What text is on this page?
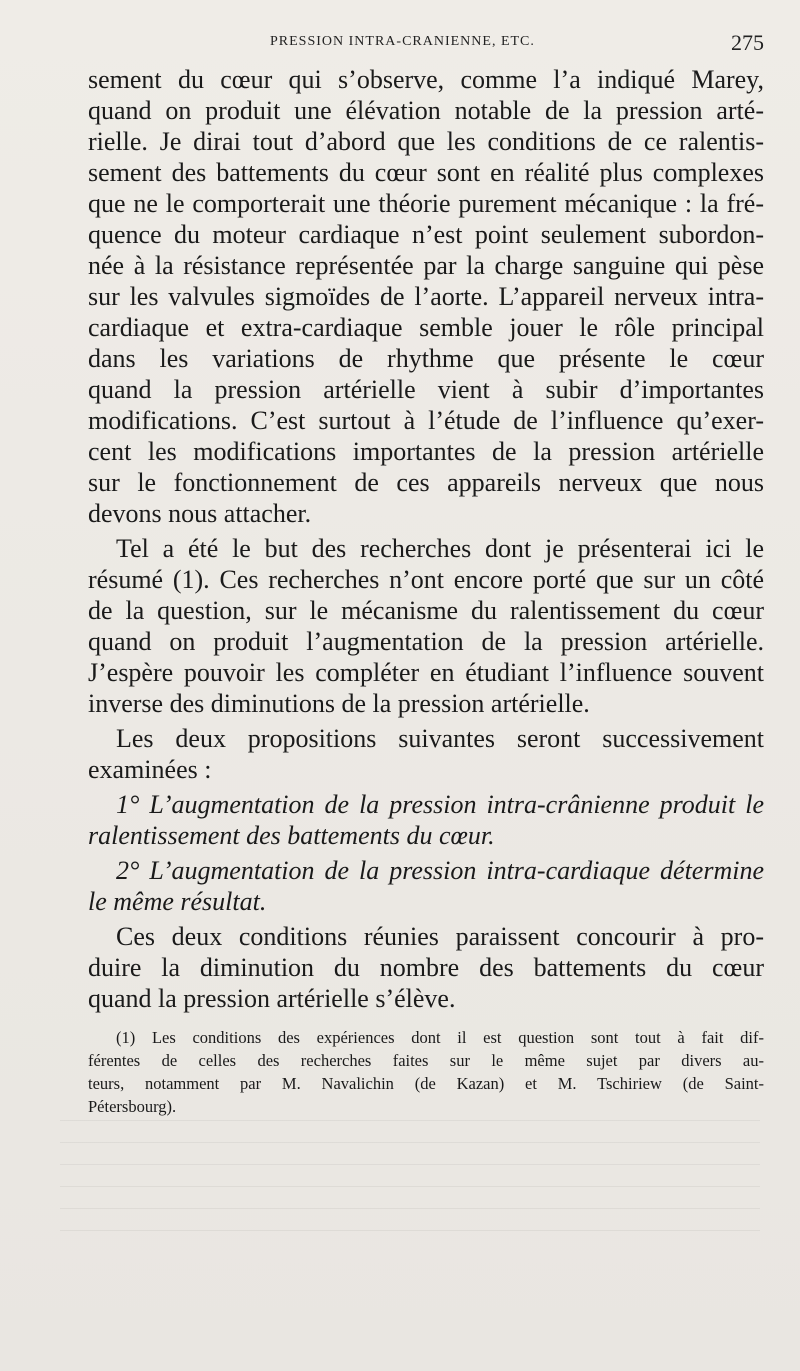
PRESSION INTRA-CRANIENNE, ETC.	275
sement du cœur qui s’observe, comme l’a indiqué Marey,
quand on produit une élévation notable de la pression arté-
rielle. Je dirai tout d’abord que les conditions de ce ralentis-
sement des battements du cœur sont en réalité plus complexes
que ne le comporterait une théorie purement mécanique : la fré-
quence du moteur cardiaque n’est point seulement subordon-
née à la résistance représentée par la charge sanguine qui pèse
sur les valvules sigmoïdes de l’aorte. L’appareil nerveux intra-
cardiaque et extra-cardiaque semble jouer le rôle principal
dans les variations de rhythme que présente le cœur
quand la pression artérielle vient à subir d’importantes
modifications. C’est surtout à l’étude de l’influence qu’exer-
cent les modifications importantes de la pression artérielle
sur le fonctionnement de ces appareils nerveux que nous
devons nous attacher.
Tel a été le but des recherches dont je présenterai ici le
résumé (1). Ces recherches n’ont encore porté que sur un côté
de la question, sur le mécanisme du ralentissement du cœur
quand on produit l’augmentation de la pression artérielle.
J’espère pouvoir les compléter en étudiant l’influence souvent
inverse des diminutions de la pression artérielle.
Les deux propositions suivantes seront successivement
examinées :
1° L’augmentation de la pression intra-crânienne produit le
ralentissement des battements du cœur.
2° L’augmentation de la pression intra-cardiaque détermine
le même résultat.
Ces deux conditions réunies paraissent concourir à pro-
duire la diminution du nombre des battements du cœur
quand la pression artérielle s’élève.
(1) Les conditions des expériences dont il est question sont tout à fait dif-
férentes de celles des recherches faites sur le même sujet par divers au-
teurs, notamment par M. Navalichin (de Kazan) et M. Tschiriew (de Saint-
Pétersbourg).
